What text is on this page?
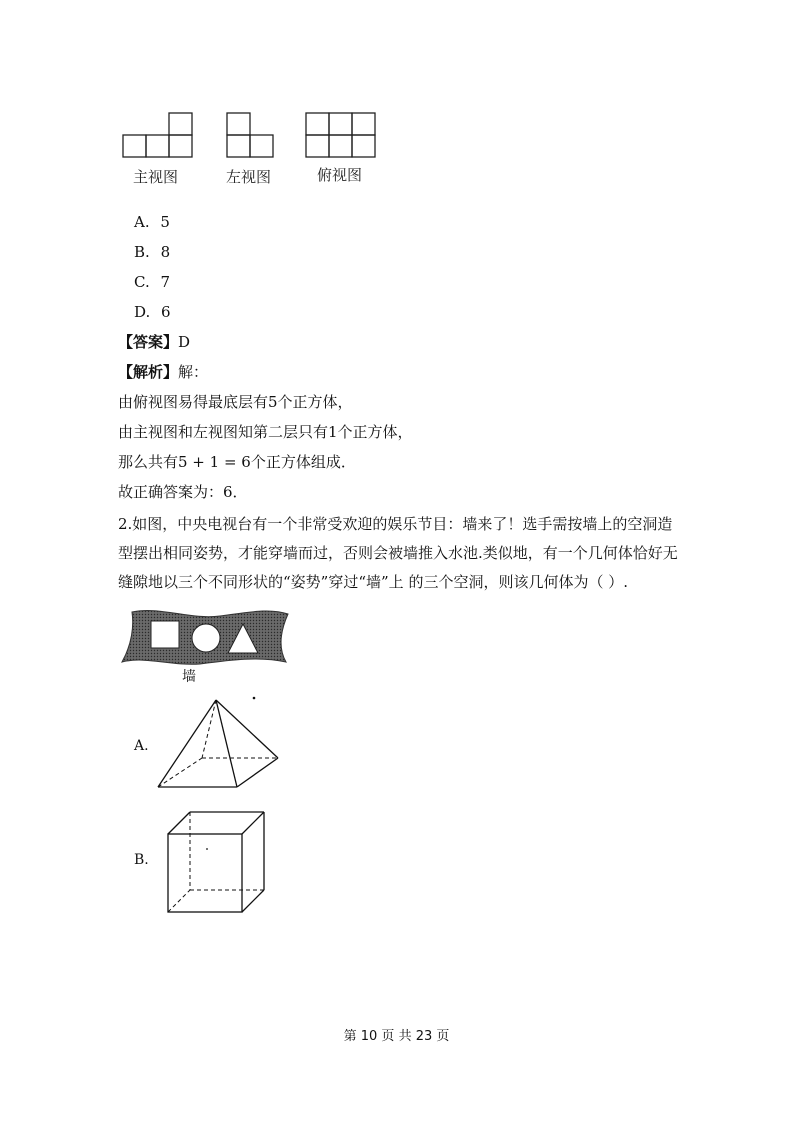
主视图	左视图	俯视图
A. 5
B. 8
C. 7
D. 6
【答案】D
【解析】解：
由俯视图易得最底层有5个正方体，
由主视图和左视图知第二层只有1个正方体，
那么共有5 + 1 = 6个正方体组成．
故正确答案为：6．
2.如图，中央电视台有一个非常受欢迎的娱乐节目：墙来了！选手需按墙上的空洞造型摆出相同姿势，才能穿墙而过，否则会被墙推入水池.类似地，有一个几何体恰好无缝隙地以三个不同形状的“姿势”穿过“墙”上 的三个空洞，则该几何体为（ ）.
墙
A.
B.
第 10 页 共 23 页
